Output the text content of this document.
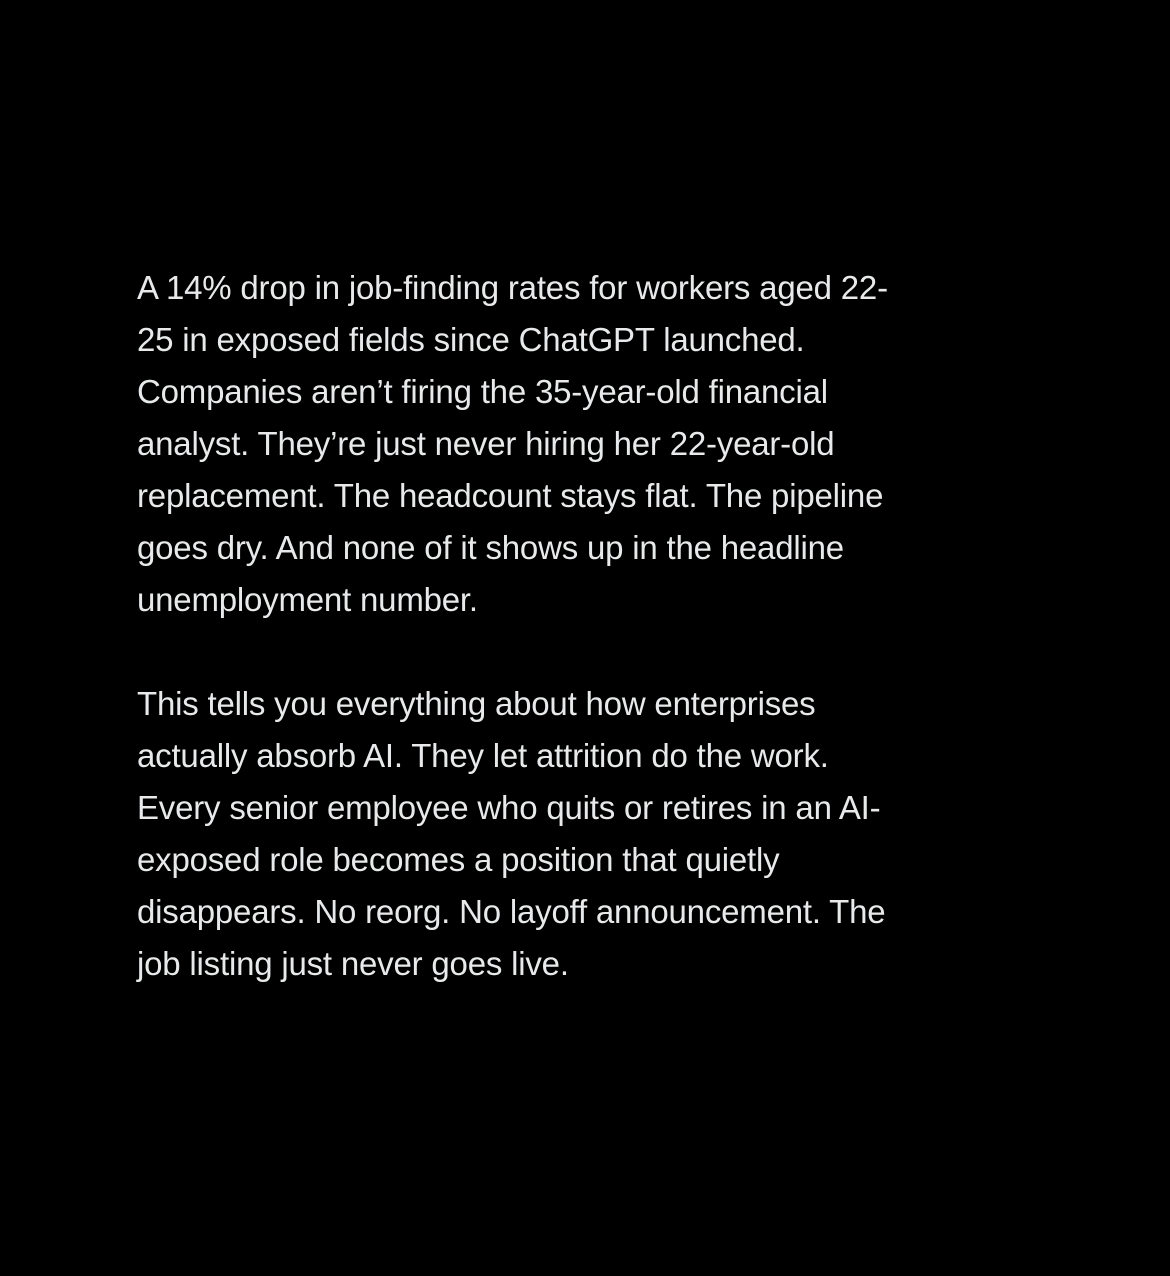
A 14% drop in job-finding rates for workers aged 22-
25 in exposed fields since ChatGPT launched.
Companies aren’t firing the 35-year-old financial
analyst. They’re just never hiring her 22-year-old
replacement. The headcount stays flat. The pipeline
goes dry. And none of it shows up in the headline
unemployment number.
This tells you everything about how enterprises
actually absorb AI. They let attrition do the work.
Every senior employee who quits or retires in an AI-
exposed role becomes a position that quietly
disappears. No reorg. No layoff announcement. The
job listing just never goes live.
